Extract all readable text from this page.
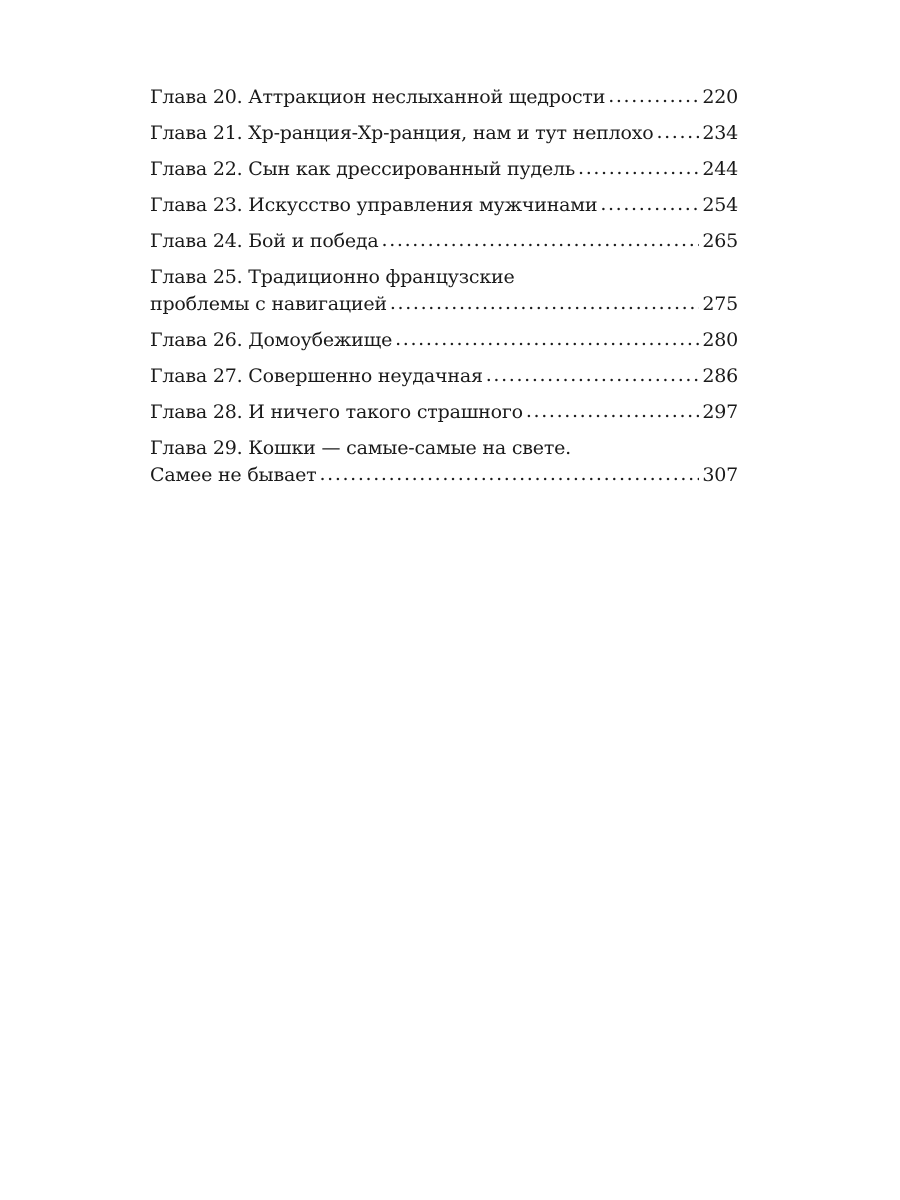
Глава 20. Аттракцион неслыханной щедрости . . .	220
Глава 21. Хр-ранция-Хр-ранция, нам и тут неплохо . . .	234
Глава 22. Сын как дрессированный пудель . . .	244
Глава 23. Искусство управления мужчинами . . .	254
Глава 24. Бой и победа . . .	265
Глава 25. Традиционно французские
проблемы с навигацией . . .	275
Глава 26. Домоубежище . . .	280
Глава 27. Совершенно неудачная . . .	286
Глава 28. И ничего такого страшного . . .	297
Глава 29. Кошки — самые-самые на свете.
Самее не бывает . . .	307
